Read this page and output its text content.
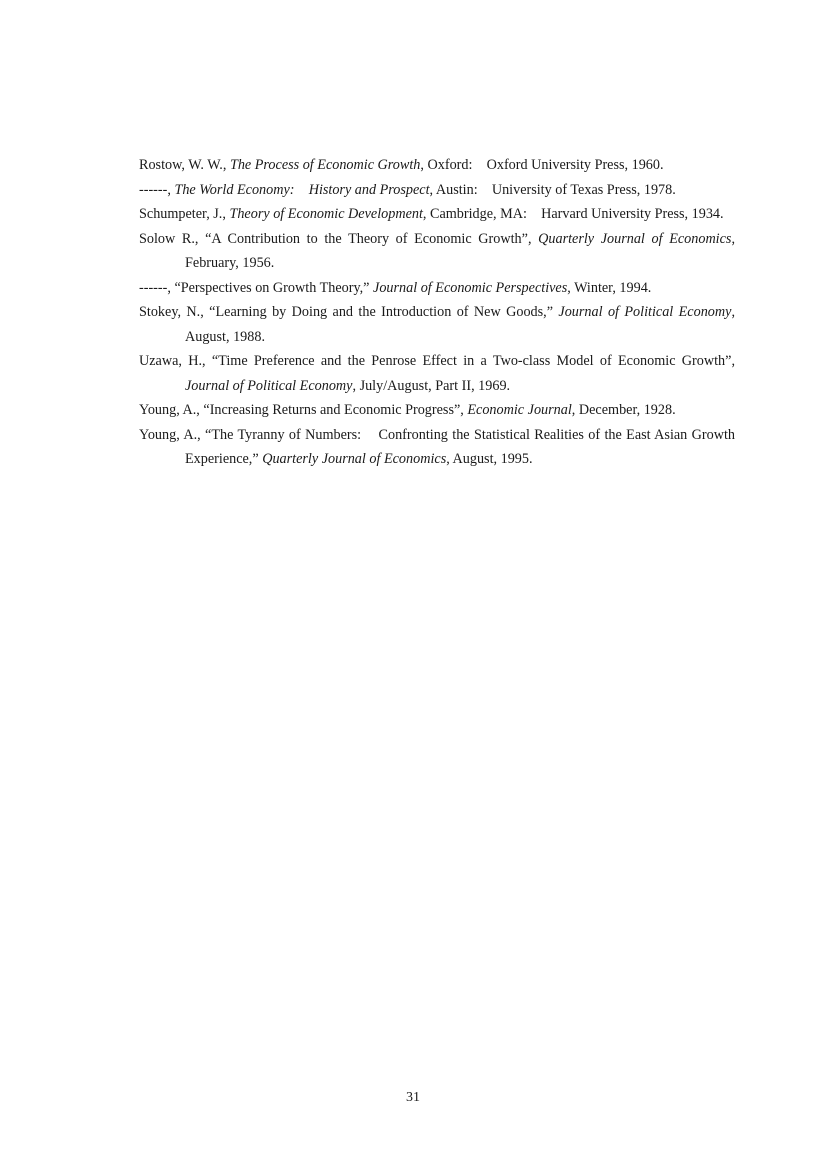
Rostow, W. W., The Process of Economic Growth, Oxford:    Oxford University Press, 1960.

------, The World Economy:    History and Prospect, Austin:    University of Texas Press, 1978.

Schumpeter, J., Theory of Economic Development, Cambridge, MA:    Harvard University Press, 1934.

Solow R., “A Contribution to the Theory of Economic Growth”, Quarterly Journal of Economics, February, 1956.

------, “Perspectives on Growth Theory,” Journal of Economic Perspectives, Winter, 1994.

Stokey, N., “Learning by Doing and the Introduction of New Goods,” Journal of Political Economy, August, 1988.

Uzawa, H., “Time Preference and the Penrose Effect in a Two-class Model of Economic Growth”, Journal of Political Economy, July/August, Part II, 1969.

Young, A., “Increasing Returns and Economic Progress”, Economic Journal, December, 1928.

Young, A., “The Tyranny of Numbers:    Confronting the Statistical Realities of the East Asian Growth Experience,” Quarterly Journal of Economics, August, 1995.

31
